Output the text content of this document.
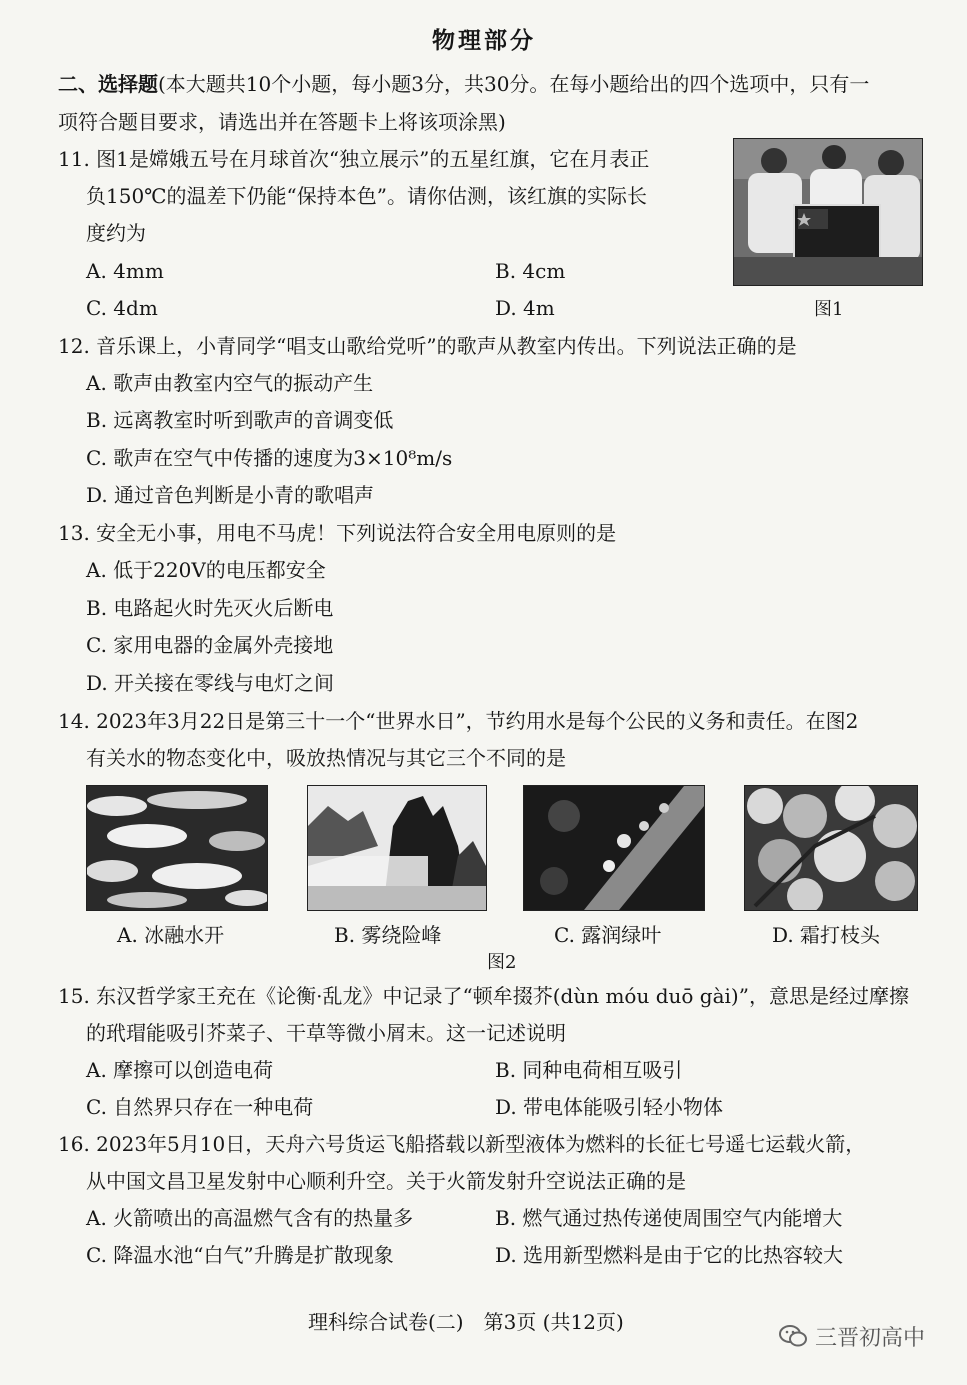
物理部分
二、选择题(本大题共10个小题，每小题3分，共30分。在每小题给出的四个选项中，只有一
项符合题目要求，请选出并在答题卡上将该项涂黑)
11. 图1是嫦娥五号在月球首次“独立展示”的五星红旗，它在月表正
负150℃的温差下仍能“保持本色”。请你估测，该红旗的实际长
度约为
A. 4mm	B. 4cm
C. 4dm	D. 4m	图1
12. 音乐课上，小青同学“唱支山歌给党听”的歌声从教室内传出。下列说法正确的是
A. 歌声由教室内空气的振动产生
B. 远离教室时听到歌声的音调变低
C. 歌声在空气中传播的速度为3×10⁸m/s
D. 通过音色判断是小青的歌唱声
13. 安全无小事，用电不马虎！下列说法符合安全用电原则的是
A. 低于220V的电压都安全
B. 电路起火时先灭火后断电
C. 家用电器的金属外壳接地
D. 开关接在零线与电灯之间
14. 2023年3月22日是第三十一个“世界水日”，节约用水是每个公民的义务和责任。在图2
有关水的物态变化中，吸放热情况与其它三个不同的是
A. 冰融水开	B. 雾绕险峰	C. 露润绿叶	D. 霜打枝头
图2
15. 东汉哲学家王充在《论衡·乱龙》中记录了“顿牟掇芥(dùn móu duō gài)”，意思是经过摩擦
的玳瑁能吸引芥菜子、干草等微小屑末。这一记述说明
A. 摩擦可以创造电荷	B. 同种电荷相互吸引
C. 自然界只存在一种电荷	D. 带电体能吸引轻小物体
16. 2023年5月10日，天舟六号货运飞船搭载以新型液体为燃料的长征七号遥七运载火箭，
从中国文昌卫星发射中心顺利升空。关于火箭发射升空说法正确的是
A. 火箭喷出的高温燃气含有的热量多	B. 燃气通过热传递使周围空气内能增大
C. 降温水池“白气”升腾是扩散现象	D. 选用新型燃料是由于它的比热容较大
理科综合试卷(二)　第3页 (共12页)
三晋初高中
